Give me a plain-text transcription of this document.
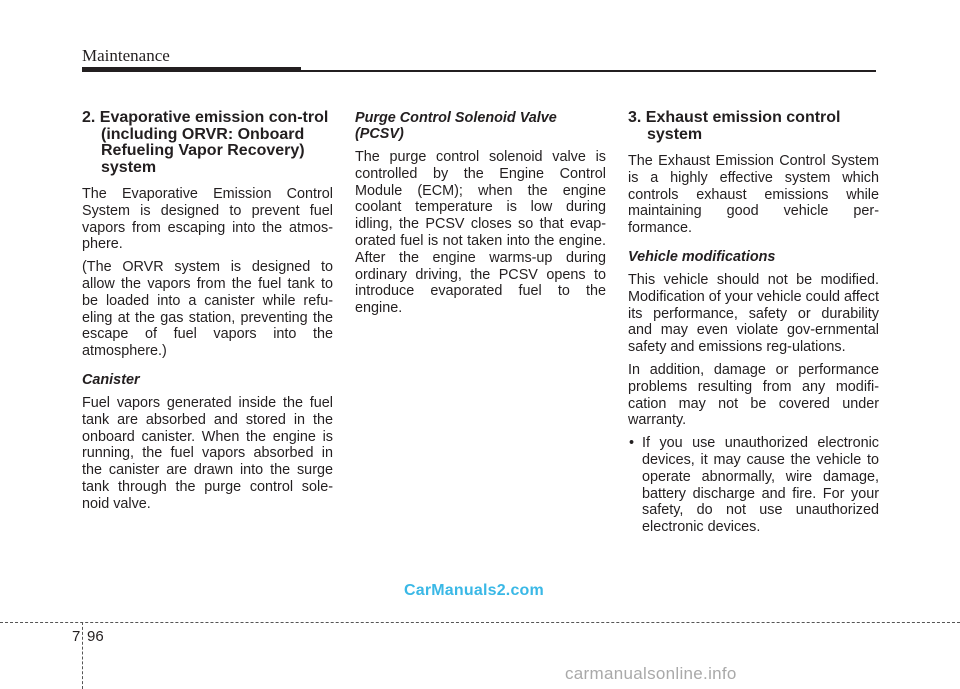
Maintenance
2. Evaporative emission con-trol (including ORVR: Onboard Refueling Vapor Recovery) system

The Evaporative Emission Control System is designed to prevent fuel vapors from escaping into the atmos-phere.

(The ORVR system is designed to allow the vapors from the fuel tank to be loaded into a canister while refu-eling at the gas station, preventing the escape of fuel vapors into the atmosphere.)

Canister

Fuel vapors generated inside the fuel tank are absorbed and stored in the onboard canister. When the engine is running, the fuel vapors absorbed in the canister are drawn into the surge tank through the purge control sole-noid valve.

Purge Control Solenoid Valve (PCSV)

The purge control solenoid valve is controlled by the Engine Control Module (ECM); when the engine coolant temperature is low during idling, the PCSV closes so that evap-orated fuel is not taken into the engine. After the engine warms-up during ordinary driving, the PCSV opens to introduce evaporated fuel to the engine.

3. Exhaust emission control system

The Exhaust Emission Control System is a highly effective system which controls exhaust emissions while maintaining good vehicle per-formance.

Vehicle modifications

This vehicle should not be modified. Modification of your vehicle could affect its performance, safety or durability and may even violate gov-ernmental safety and emissions reg-ulations.

In addition, damage or performance problems resulting from any modifi-cation may not be covered under warranty.

• If you use unauthorized electronic devices, it may cause the vehicle to operate abnormally, wire damage, battery discharge and fire. For your safety, do not use unauthorized electronic devices.
CarManuals2.com
7 96
carmanualsonline.info
